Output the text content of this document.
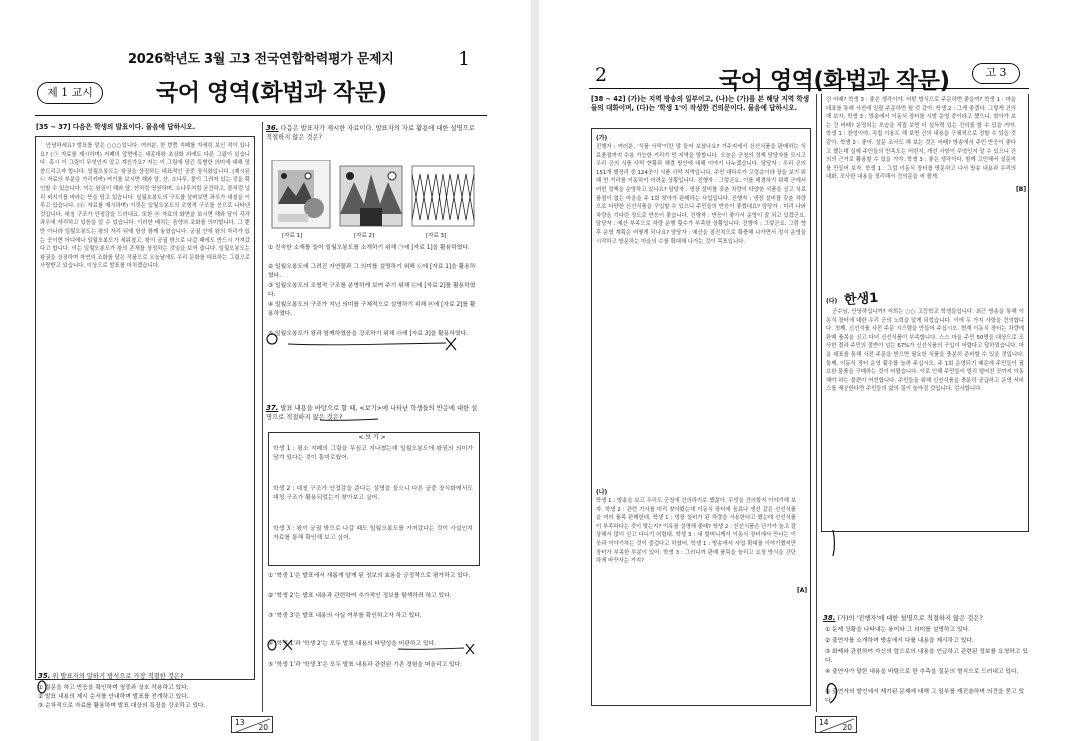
2026학년도 3월 고3 전국연합학력평가 문제지	1
제 1 교시	국어 영역(화법과 작문)
[35 ~ 37] 다음은 학생의 발표이다. 물음에 답하시오.
안녕하세요? 발표를 맡은 ○○○입니다. 여러분, 한 번쯤 지폐를 자세히 보신 적이 있나요? (㉠ 자료를 제시하며) 지폐의 앞면에는 세종대왕 초상화 외에도 다른 그림이 있습니다. 혹시 이 그림이 무엇인지 알고 계신가요? 저는 이 그림에 담긴 특별한 의미에 대해 말씀드리고자 합니다. 일월오봉도는 왕권을 상징하는 대표적인 궁중 장식화입니다. (제시된 ㉡ 자료의 부분을 가리키며) 여기를 보시면 해와 달, 산, 소나무, 물이 그려져 있는 것을 확인할 수 있습니다. 이는 왕권이 해와 달, 산처럼 영원하며, 소나무처럼 굳건하고, 물처럼 널리 퍼지기를 바라는 뜻을 담고 있습니다. 일월오봉도의 구도를 살펴보면 좌우가 대칭을 이루고 있습니다. (㉢ 자료를 제시하며) 이것은 일월오봉도의 조형적 구조를 선으로 나타낸 것입니다. 대칭 구조가 안정감을 드러내죠. 또한 ㉣ 자료의 화면을 보시면 해와 달이 각각 좌우에 자리하고 있음을 알 수 있습니다. 이러한 배치는 음양의 조화를 의미합니다. 그 뿐만 아니라 일월오봉도는 왕의 자리 뒤에 항상 함께 놓였습니다. 궁궐 안에 왕의 자리가 있는 곳이면 어디에나 일월오봉도가 세워졌고, 왕이 궁궐 밖으로 나갈 때에도 반드시 가져갔다고 합니다. 이는 일월오봉도가 왕의 존재를 상징하는 것임을 보여 줍니다. 일월오봉도는 왕권을 상징하며 자연의 조화를 담은 작품으로 오늘날에도 우리 문화를 대표하는 그림으로 사랑받고 있습니다. 이상으로 발표를 마치겠습니다.
36. 다음은 발표자가 제시한 자료이다. 발표자의 자료 활용에 대한 설명으로 적절하지 않은 것은?
[자료 1]	[자료 2]	[자료 3]
① 친숙한 소재를 들어 일월오봉도를 소개하기 위해 ㉠에 [자료 1]을 활용하였다.
② 일월오봉도에 그려진 자연물과 그 의미를 설명하기 위해 ㉡에 [자료 1]을 활용하였다.
③ 일월오봉도의 조형적 구조를 분명하게 보여 주기 위해 ㉢에 [자료 2]를 활용하였다.
④ 일월오봉도의 구조가 지닌 의미를 구체적으로 설명하기 위해 ㉣에 [자료 2]를 활용하였다.
⑤ 일월오봉도가 왕과 함께하였음을 강조하기 위해 ㉤에 [자료 3]을 활용하였다.
37. 발표 내용을 바탕으로 할 때, <보기>에 나타난 학생들의 반응에 대한 설명으로 적절하지 않은 것은?
< 보 기 >
학생 1 : 평소 지폐의 그림을 무심코 지나쳤는데 일월오봉도에 왕권의 의미가 담겨 있다는 것이 흥미로웠어.
학생 2 : 대칭 구조가 안정감을 준다는 설명을 들으니 다른 궁중 장식화에서도 대칭 구조가 활용되었는지 찾아보고 싶어.
학생 3 : 왕이 궁궐 밖으로 나갈 때도 일월오봉도를 가져갔다는 것이 사실인지 자료를 통해 확인해 보고 싶어.
① '학생 1'은 발표에서 새롭게 알게 된 정보의 효용을 긍정적으로 평가하고 있다.
② '학생 2'는 발표 내용과 관련하여 추가적인 정보를 탐색하려 하고 있다.
③ '학생 3'은 발표 내용의 사실 여부를 확인하고자 하고 있다.
④ '학생 1'과 '학생 2'는 모두 발표 내용의 타당성을 비판하고 있다.
⑤ '학생 1'과 '학생 3'은 모두 발표 내용과 관련된 기존 경험을 떠올리고 있다.
35. 위 발표자의 말하기 방식으로 가장 적절한 것은?
① 질문을 하고 반응을 확인하며 청중과 상호 작용하고 있다.
② 발표 내용의 제시 순서를 안내하며 발표를 전개하고 있다.
③ 순차적으로 자료를 활용하며 발표 대상의 특징을 강조하고 있다.
13
20
2	국어 영역(화법과 작문)	고 3
[38 ~ 42] (가)는 지역 방송의 일부이고, (나)는 (가)를 본 해당 지역 학생들의 대화이며, (다)는 '학생 1'이 작성한 건의문이다. 물음에 답하시오.
(가)
진행자 : 여러분, '식품 사막'이란 말 들어 보셨나요? 거주지에서 신선식품을 판매하는 식료품점까지 수용 가능한 거리가 먼 지역을 말합니다. 오늘은 군청의 정책 담당자를 모시고 우리 군의 식품 사막 현황과 해결 방안에 대해 이야기 나누겠습니다. 담당자 : 우리 군의 151개 행정리 중 124곳이 식품 사막 지역입니다. 주민 대다수가 고령층이라 장을 보기 위해 먼 거리를 이동하기 어려운 상황입니다. 진행자 : 그렇군요. 이를 해결하기 위해 군에서 어떤 정책을 운영하고 있나요? 담당자 : 냉장 설비를 갖춘 차량이 다양한 식품을 싣고 식료품점이 없는 마을을 주 1회 찾아가 판매하는 사업입니다. 진행자 : 냉장 설비를 갖춘 차량으로 다양한 신선식품을 구입할 수 있으니 주민들의 반응이 좋겠네요? 담당자 : 미리 나와 차량을 기다린 정도로 반응이 좋습니다. 진행자 : 반응이 좋아서 운영이 잘 되고 있겠군요. 담당자 : 예산 부족으로 차량 운행 횟수가 부족한 상황입니다. 진행자 : 그렇군요. 그럼 향후 운영 계획은 어떻게 되나요? 담당자 : 예산을 점진적으로 확충해 나가면서 정식 운영을 시작하고 방문하는 마을의 수를 확대해 나가는 것이 목표입니다.
(나)
학생 1 : 방송을 보고 우리도 군청에 건의하기로 했잖아. 무엇을 건의할지 이야기해 보자. 학생 2 : 관련 기사를 미리 찾아봤는데 이동식 장터에 음료나 생선 같은 신선식품을 여러 품목 판매한대. 학생 1 : 냉장 설비가 된 차량을 사용한다고 했는데 신선식품이 부족하다는 것이 맞는지? 이유를 설명해 줄래? 학생 2 : 신선식품은 단가가 높고 잘 상해서 많이 싣고 다니기 어렵대. 학생 3 : 내 할머니께서 이동식 장터에서 만나는 이웃과 이야기하는 것이 즐겁다고 하셨어. 학생 1 : 방송에서 사업 확대를 이야기했지만 장터가 부족한 부분이 있어. 학생 3 : 그러니까 판매 품목을 늘리고 요청 방식을 간단하게 바꾸자는 거지?
[A]
건 어때? 학생 3 : 좋은 생각이야. 어떤 방식으로 주문하면 좋을까? 학생 1 : 마을 대표를 통해 사전에 일괄 주문하면 될 것 같아. 학생 2 : 그게 좋겠다. 그렇게 건의해 보자. 학생 3 : 방송에서 이동식 장터를 시범 운영 중이라고 했으니, 찾아가 보는 건 어때? 운영되는 모습을 직접 보면 더 설득력 있는 건의를 할 수 있을 거야. 학생 1 : 찬성이야. 직접 이용도 해 보면 건의 내용을 구체적으로 정할 수 있을 것 같아. 학생 2 : 좋아. 설문 조사도 해 보는 것은 어때? 방송에서 주민 반응이 좋다고 했는데 실제 주민들의 만족도는 어떤지, 개선 사항이 무엇인지 알 수 있으니 건의의 근거로 활용할 수 있을 거야. 학생 3 : 좋은 생각이다. 함께 고민해서 설문지를 만들어 보자. 학생 1 : 그럼 이동식 장터를 방문하고 나서 방송 내용과 우리의 대화, 조사한 내용을 정리해서 건의문을 써 볼게.
[B]
(다) 한생1
군수님, 안녕하십니까? 저희는 ○○ 고등학교 학생들입니다. 최근 방송을 통해 이동식 장터에 대한 우리 군의 노력을 알게 되었습니다. 이에 두 가지 사항을 건의합니다. 첫째, 신선식품 사전 주문 시스템을 만들어 주십시오. 현재 이동식 장터는 차량에 판매 품목을 싣고 다녀 신선식품이 부족합니다. 스스 마을 주민 50명을 대상으로 조사한 결과 주민의 절반이 넘는 67%가 신선식품의 구입이 어렵다고 답하였습니다. 마을 대표를 통해 사전 주문을 받으면 필요한 식품을 충분히 준비할 수 있을 것입니다. 둘째, 이동식 장터 운영 횟수를 늘려 주십시오. 주 1회 운영되기 때문에 주민들이 필요한 물품을 구매하는 것이 어렵습니다. 이로 인해 주민들이 멀리 떨어진 곳까지 이동해야 하는 불편이 여전합니다. 주민들을 위해 신선식품을 충분히 공급하고 운영 서비스를 제공한다면 주민들의 삶의 질이 높아질 것입니다. 감사합니다.
38. (가)의 '진행자'에 대한 설명으로 적절하지 않은 것은?
① 문제 상황을 나타내는 용어와 그 의미를 설명하고 있다.
② 출연자를 소개하며 방송에서 다룰 내용을 제시하고 있다.
③ 화제와 관련하여 자신의 앞으로의 내용을 언급하고 관련된 정보를 요청하고 있다.
④ 출연자가 말한 내용을 바탕으로 한 추측을 질문의 형식으로 드러내고 있다.
⑤ 출연자의 발언에서 제기된 문제에 대해 그 일부를 재진술하며 의견을 묻고 있다.
14
20
